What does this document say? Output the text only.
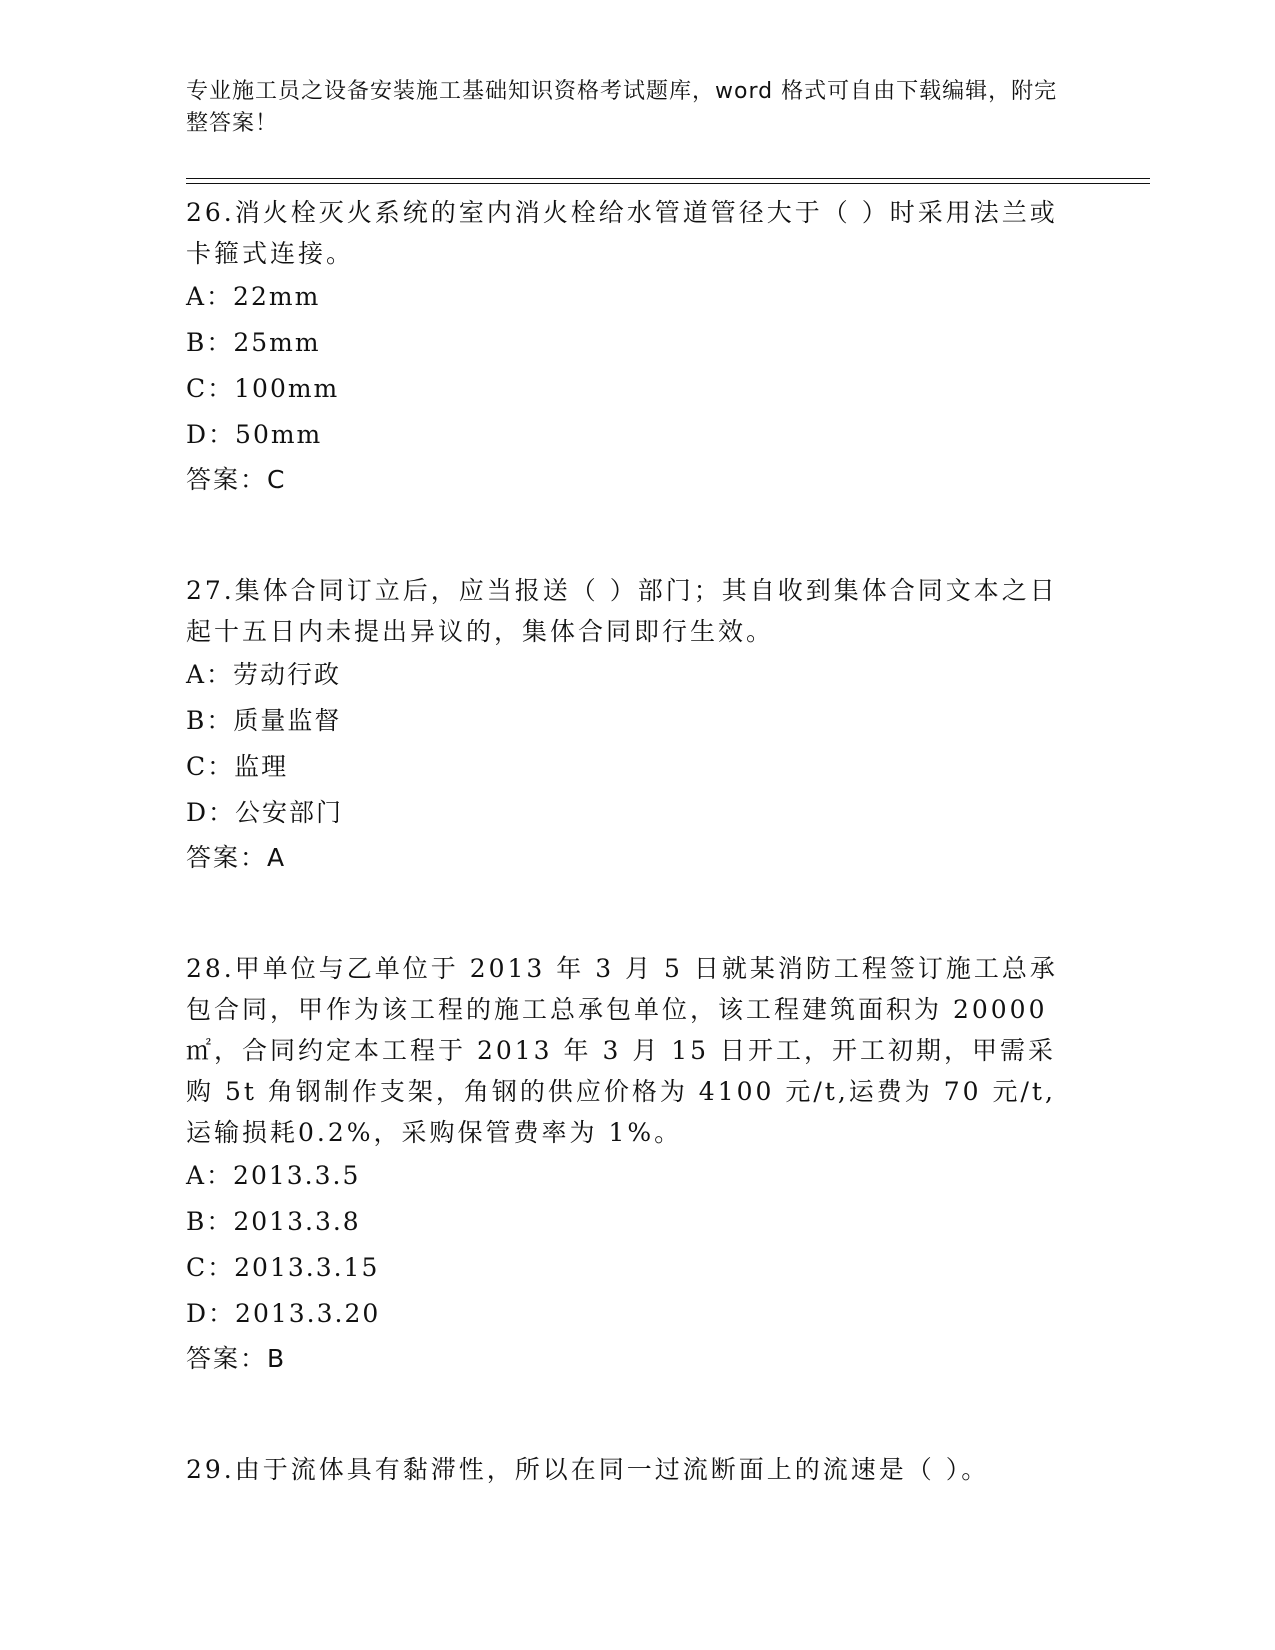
专业施工员之设备安装施工基础知识资格考试题库，word 格式可自由下载编辑，附完整答案！
26.消火栓灭火系统的室内消火栓给水管道管径大于（ ）时采用法兰或卡箍式连接。
A：22mm
B：25mm
C：100mm
D：50mm
答案：C
27.集体合同订立后，应当报送（ ）部门；其自收到集体合同文本之日起十五日内未提出异议的，集体合同即行生效。
A：劳动行政
B：质量监督
C：监理
D：公安部门
答案：A
28.甲单位与乙单位于 2013 年 3 月 5 日就某消防工程签订施工总承包合同，甲作为该工程的施工总承包单位，该工程建筑面积为 20000㎡，合同约定本工程于 2013 年 3 月 15 日开工，开工初期，甲需采购 5t 角钢制作支架，角钢的供应价格为 4100 元/t,运费为 70 元/t,运输损耗0.2%，采购保管费率为 1%。
A：2013.3.5
B：2013.3.8
C：2013.3.15
D：2013.3.20
答案：B
29.由于流体具有黏滞性，所以在同一过流断面上的流速是（ ）。
